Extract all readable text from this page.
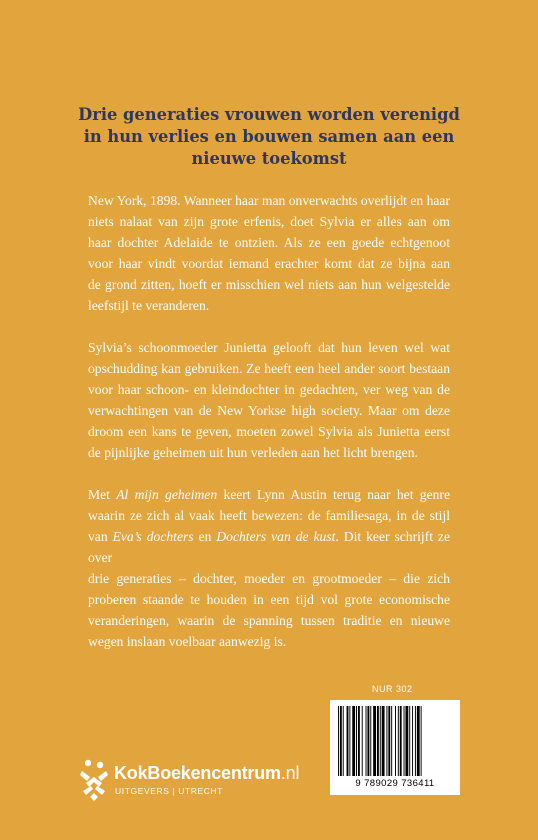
Drie generaties vrouwen worden verenigd
in hun verlies en bouwen samen aan een
nieuwe toekomst

New York, 1898. Wanneer haar man onverwachts overlijdt en haar
niets nalaat van zijn grote erfenis, doet Sylvia er alles aan om
haar dochter Adelaide te ontzien. Als ze een goede echtgenoot
voor haar vindt voordat iemand erachter komt dat ze bijna aan
de grond zitten, hoeft er misschien wel niets aan hun welgestelde
leefstijl te veranderen.

Sylvia’s schoonmoeder Junietta gelooft dat hun leven wel wat
opschudding kan gebruiken. Ze heeft een heel ander soort bestaan
voor haar schoon- en kleindochter in gedachten, ver weg van de
verwachtingen van de New Yorkse high society. Maar om deze
droom een kans te geven, moeten zowel Sylvia als Junietta eerst
de pijnlijke geheimen uit hun verleden aan het licht brengen.

Met Al mijn geheimen keert Lynn Austin terug naar het genre
waarin ze zich al vaak heeft bewezen: de familiesaga, in de stijl
van Eva’s dochters en Dochters van de kust. Dit keer schrijft ze over
drie generaties – dochter, moeder en grootmoeder – die zich
proberen staande te houden in een tijd vol grote economische
veranderingen, waarin de spanning tussen traditie en nieuwe
wegen inslaan voelbaar aanwezig is.

NUR 302
9 789029 736411
KokBoekencentrum.nl
UITGEVERS | UTRECHT
